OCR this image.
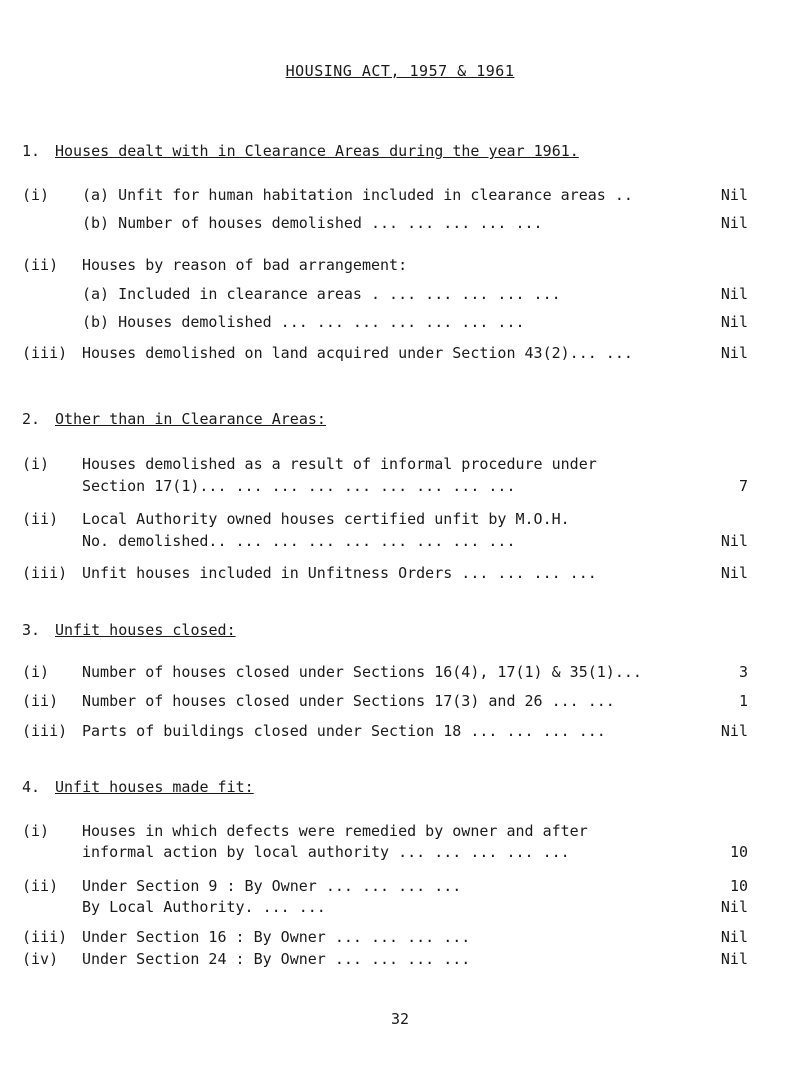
HOUSING ACT, 1957 & 1961
1. Houses dealt with in Clearance Areas during the year 1961.
(i) (a) Unfit for human habitation included in clearance areas ..	Nil
(b) Number of houses demolished ... ... ... ... ...	Nil
(ii) Houses by reason of bad arrangement:
(a) Included in clearance areas . ... ... ... ... ...	Nil
(b) Houses demolished ... ... ... ... ... ... ...	Nil
(iii) Houses demolished on land acquired under Section 43(2)... ...	Nil
2. Other than in Clearance Areas:
(i) Houses demolished as a result of informal procedure under
Section 17(1)... ... ... ... ... ... ... ... ...	7
(ii) Local Authority owned houses certified unfit by M.O.H.
No. demolished.. ... ... ... ... ... ... ... ...	Nil
(iii) Unfit houses included in Unfitness Orders ... ... ... ...	Nil
3. Unfit houses closed:
(i) Number of houses closed under Sections 16(4), 17(1) & 35(1)...	3
(ii) Number of houses closed under Sections 17(3) and 26 ... ...	1
(iii) Parts of buildings closed under Section 18 ... ... ... ...	Nil
4. Unfit houses made fit:
(i) Houses in which defects were remedied by owner and after
informal action by local authority ... ... ... ... ...	10
(ii) Under Section 9 : By Owner ... ... ... ...	10
By Local Authority. ... ...	Nil
(iii) Under Section 16 : By Owner ... ... ... ...	Nil
(iv) Under Section 24 : By Owner ... ... ... ...	Nil
32
